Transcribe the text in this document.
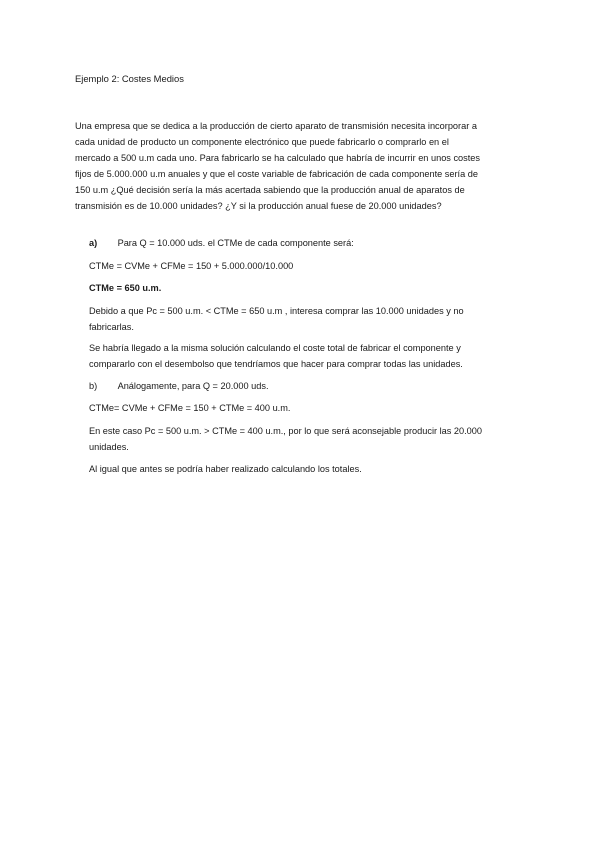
Ejemplo 2: Costes Medios
Una empresa que se dedica a la producción de cierto aparato de transmisión necesita incorporar a
cada unidad de producto un componente electrónico que puede fabricarlo o comprarlo en el
mercado a 500 u.m cada uno. Para fabricarlo se ha calculado que habría de incurrir en unos costes
fijos de 5.000.000 u.m anuales y que el coste variable de fabricación de cada componente sería de
150 u.m ¿Qué decisión sería la más acertada sabiendo que la producción anual de aparatos de
transmisión es de 10.000 unidades? ¿Y si la producción anual fuese de 20.000 unidades?
a) Para Q = 10.000 uds. el CTMe de cada componente será:
CTMe = CVMe + CFMe = 150 + 5.000.000/10.000
CTMe = 650 u.m.
Debido a que Pc = 500 u.m. < CTMe = 650 u.m , interesa comprar las 10.000 unidades y no
fabricarlas.
Se habría llegado a la misma solución calculando el coste total de fabricar el componente y
compararlo con el desembolso que tendríamos que hacer para comprar todas las unidades.
b) Análogamente, para Q = 20.000 uds.
CTMe= CVMe + CFMe = 150 + CTMe = 400 u.m.
En este caso Pc = 500 u.m. > CTMe = 400 u.m., por lo que será aconsejable producir las 20.000
unidades.
Al igual que antes se podría haber realizado calculando los totales.
